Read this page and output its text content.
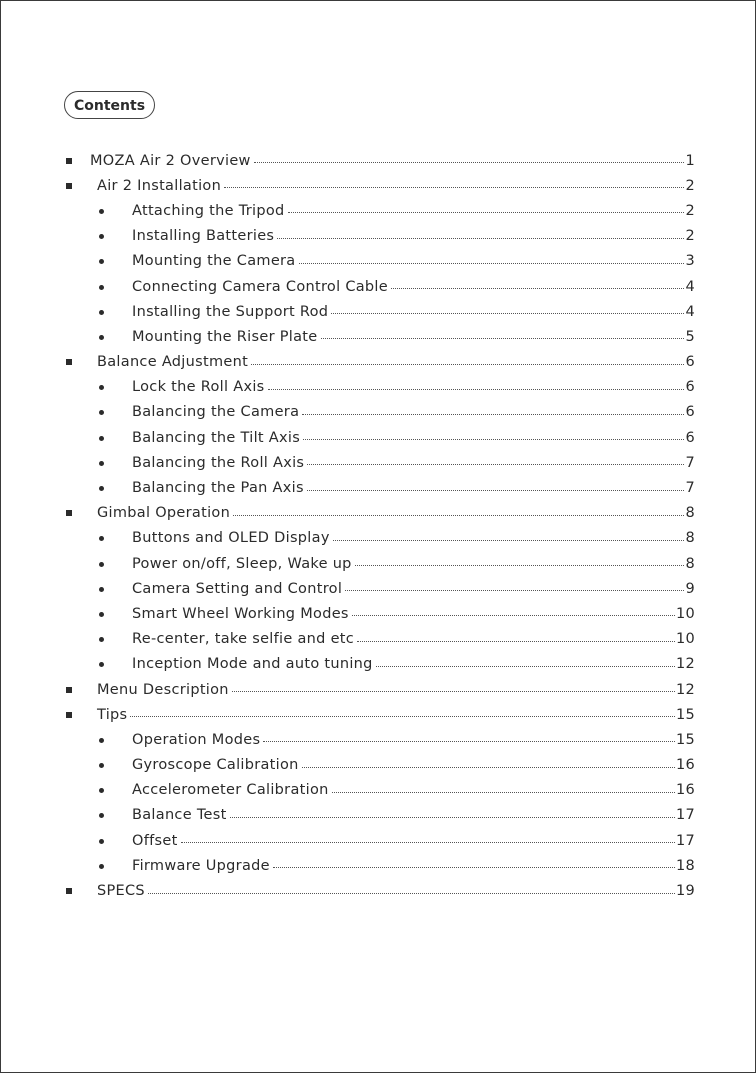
Contents
MOZA Air 2 Overview	1
Air 2 Installation	2
Attaching the Tripod	2
Installing Batteries	2
Mounting the Camera	3
Connecting Camera Control Cable	4
Installing the Support Rod	4
Mounting the Riser Plate	5
Balance Adjustment	6
Lock the Roll Axis	6
Balancing the Camera	6
Balancing the Tilt Axis	6
Balancing the Roll Axis	7
Balancing the Pan Axis	7
Gimbal Operation	8
Buttons and OLED Display	8
Power on/off, Sleep, Wake up	8
Camera Setting and Control	9
Smart Wheel Working Modes	10
Re-center, take selfie and etc	10
Inception Mode and auto tuning	12
Menu Description	12
Tips	15
Operation Modes	15
Gyroscope Calibration	16
Accelerometer Calibration	16
Balance Test	17
Offset	17
Firmware Upgrade	18
SPECS	19
